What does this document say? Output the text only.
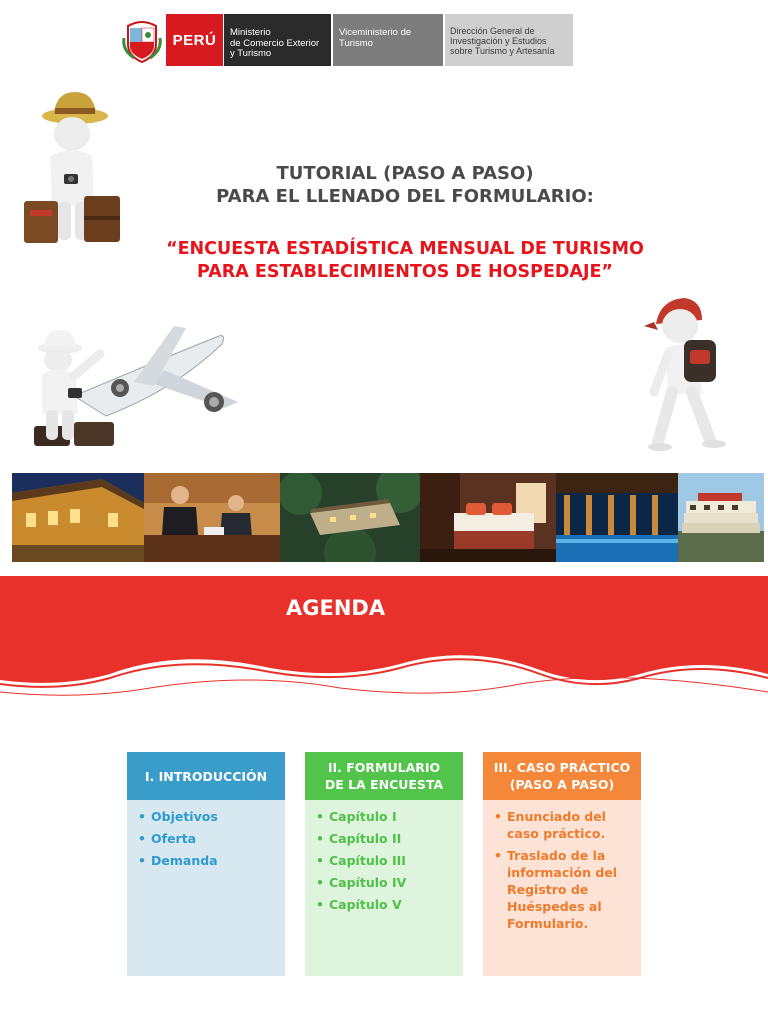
PERÚ	Ministerio
de Comercio Exterior
y Turismo
Viceministerio de
Turismo
Dirección General de
Investigación y Estudios
sobre Turismo y Artesanía
TUTORIAL (PASO A PASO)
PARA EL LLENADO DEL FORMULARIO:
“ENCUESTA ESTADÍSTICA MENSUAL DE TURISMO
PARA ESTABLECIMIENTOS DE HOSPEDAJE”
AGENDA
I. INTRODUCCIÓN
• Objetivos
• Oferta
• Demanda
II. FORMULARIO
DE LA ENCUESTA
• Capítulo I
• Capítulo II
• Capítulo III
• Capítulo IV
• Capítulo V
III. CASO PRÁCTICO
(PASO A PASO)
• Enunciado del caso práctico.
• Traslado de la información del Registro de Huéspedes al Formulario.
